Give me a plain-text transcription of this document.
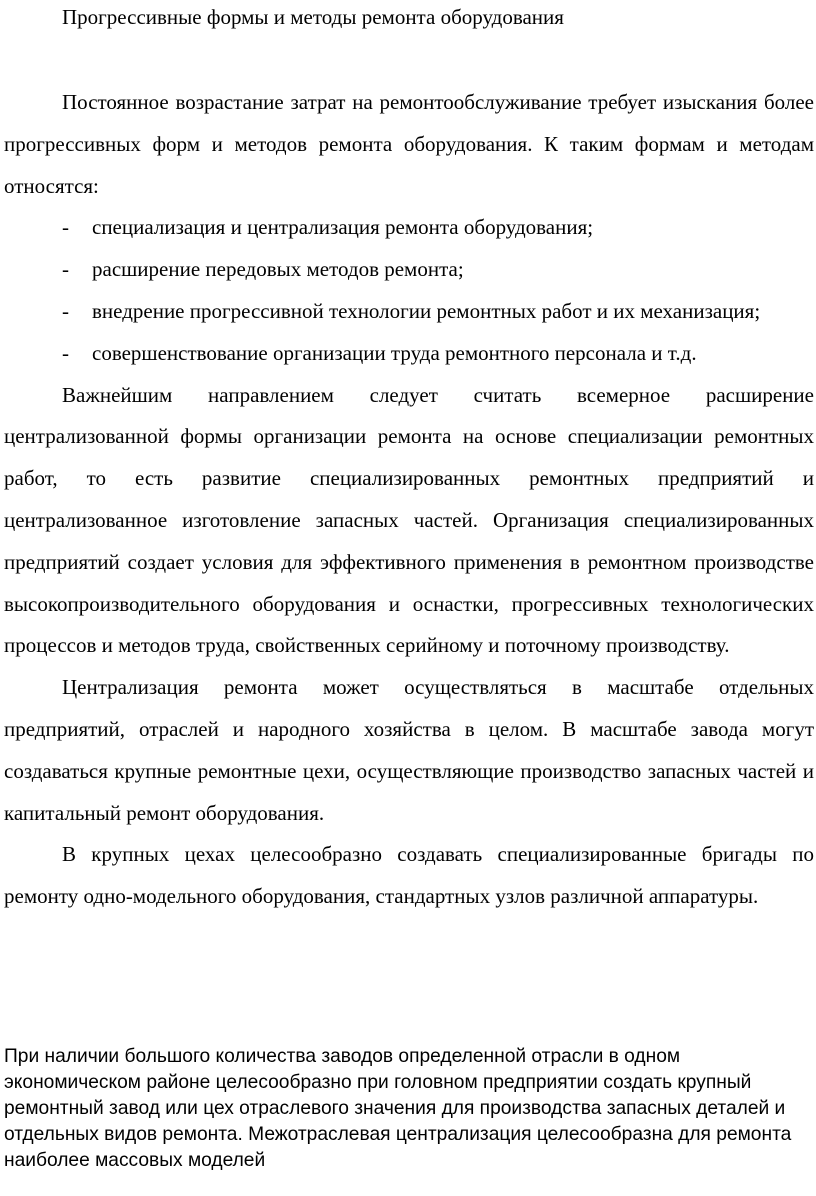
Прогрессивные формы и методы ремонта оборудования

Постоянное возрастание затрат на ремонтообслуживание требует изыскания более прогрессивных форм и методов ремонта оборудования. К таким формам и методам относятся:

- специализация и централизация ремонта оборудования;

- расширение передовых методов ремонта;

- внедрение прогрессивной технологии ремонтных работ и их механизация;

- совершенствование организации труда ремонтного персонала и т.д.

Важнейшим направлением следует считать всемерное расширение централизованной формы организации ремонта на основе специализации ремонтных работ, то есть развитие специализированных ремонтных предприятий и централизованное изготовление запасных частей. Организация специализированных предприятий создает условия для эффективного применения в ремонтном производстве высокопроизводительного оборудования и оснастки, прогрессивных технологических процессов и методов труда, свойственных серийному и поточному производству.

Централизация ремонта может осуществляться в масштабе отдельных предприятий, отраслей и народного хозяйства в целом. В масштабе завода могут создаваться крупные ремонтные цехи, осуществляющие производство запасных частей и капитальный ремонт оборудования.

В крупных цехах целесообразно создавать специализированные бригады по ремонту одно-модельного оборудования, стандартных узлов различной аппаратуры.

При наличии большого количества заводов определенной отрасли в одном экономическом районе целесообразно при головном предприятии создать крупный ремонтный завод или цех отраслевого значения для производства запасных деталей и отдельных видов ремонта. Межотраслевая централизация целесообразна для ремонта наиболее массовых моделей
